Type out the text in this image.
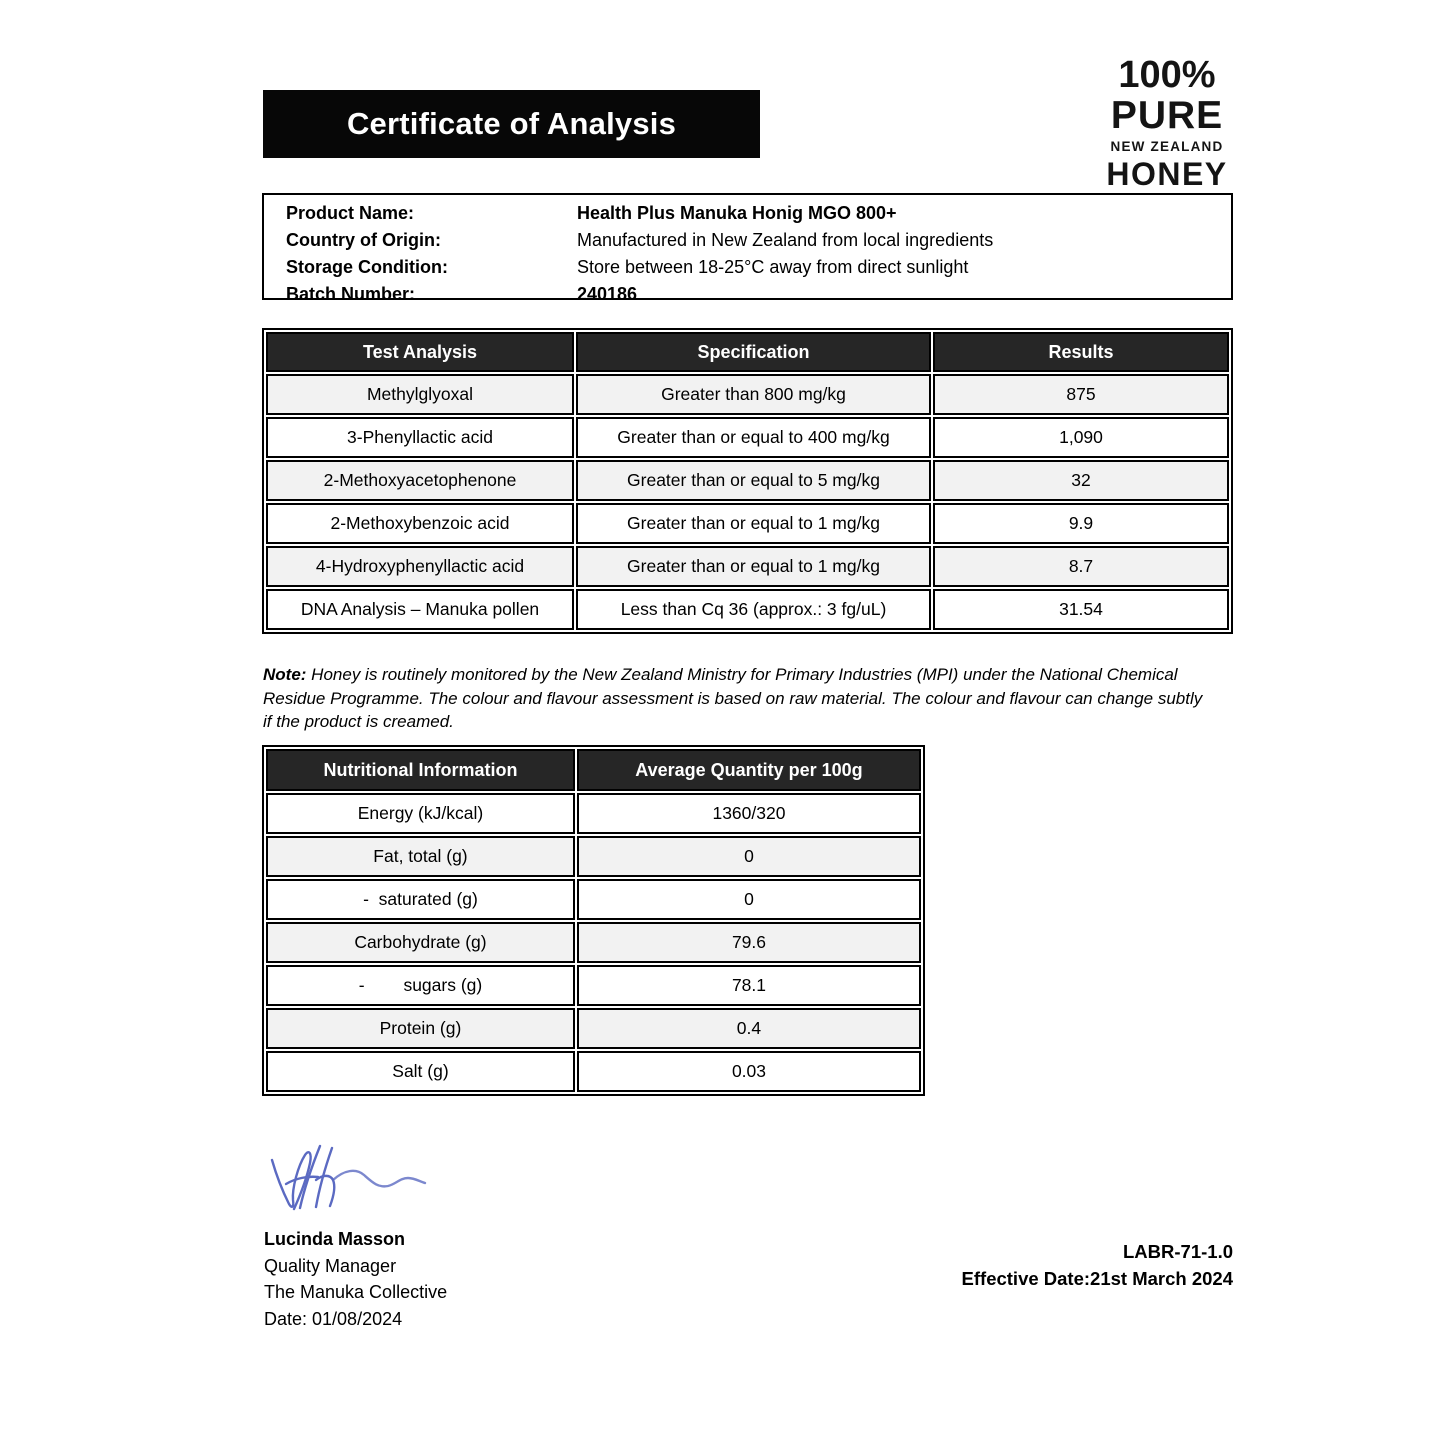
Certificate of Analysis
100%
PURE
NEW ZEALAND
HONEY
Product Name:	Health Plus Manuka Honig MGO 800+
Country of Origin:	Manufactured in New Zealand from local ingredients
Storage Condition:	Store between 18-25°C away from direct sunlight
Batch Number:	240186
Test Analysis	Specification	Results
Methylglyoxal	Greater than 800 mg/kg	875
3-Phenyllactic acid	Greater than or equal to 400 mg/kg	1,090
2-Methoxyacetophenone	Greater than or equal to 5 mg/kg	32
2-Methoxybenzoic acid	Greater than or equal to 1 mg/kg	9.9
4-Hydroxyphenyllactic acid	Greater than or equal to 1 mg/kg	8.7
DNA Analysis – Manuka pollen	Less than Cq 36 (approx.: 3 fg/uL)	31.54
Note: Honey is routinely monitored by the New Zealand Ministry for Primary Industries (MPI) under the National Chemical Residue Programme. The colour and flavour assessment is based on raw material. The colour and flavour can change subtly if the product is creamed.
Nutritional Information	Average Quantity per 100g
Energy (kJ/kcal)	1360/320
Fat, total (g)	0
-  saturated (g)	0
Carbohydrate (g)	79.6
-        sugars (g)	78.1
Protein (g)	0.4
Salt (g)	0.03
Lucinda Masson
Quality Manager
The Manuka Collective
Date: 01/08/2024
LABR-71-1.0
Effective Date:21st March 2024
